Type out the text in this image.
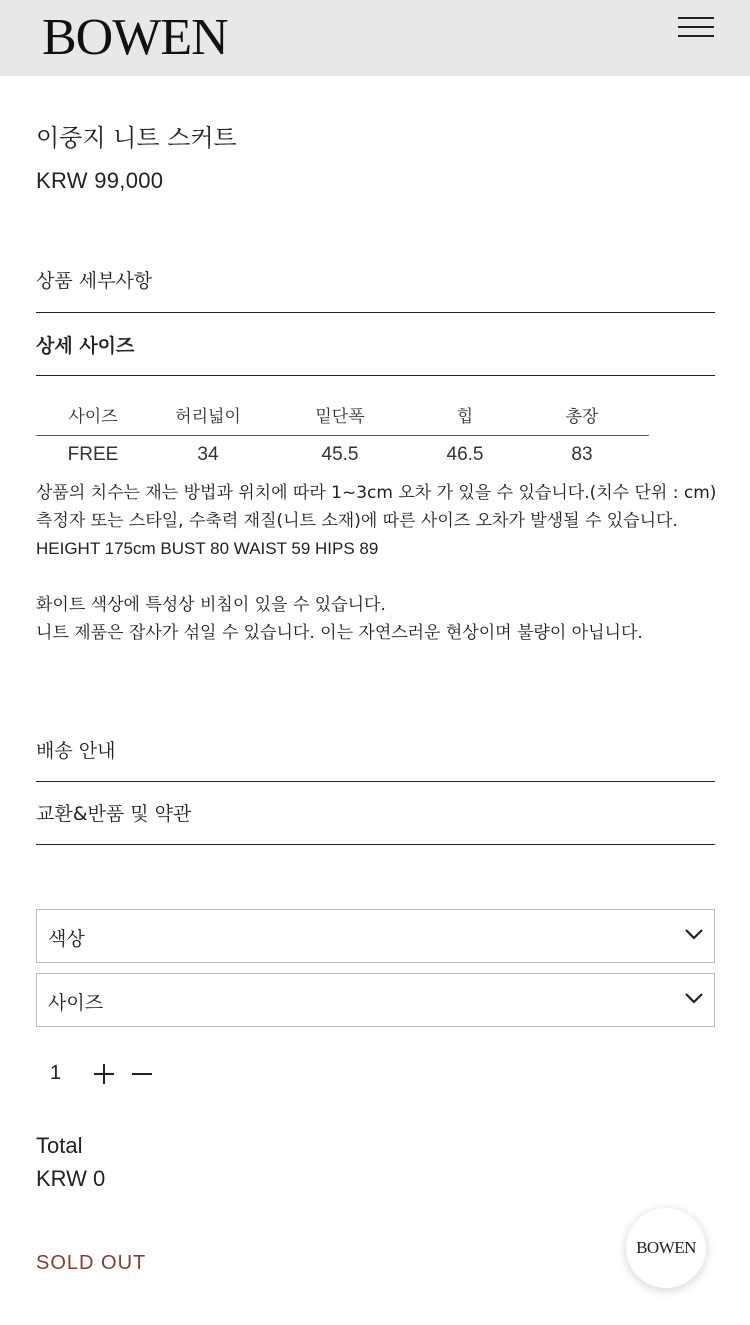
BOWEN
이중지 니트 스커트
KRW 99,000
상품 세부사항
상세 사이즈
사이즈	허리넓이	밑단폭	힙	총장
FREE	34	45.5	46.5	83

상품의 치수는 재는 방법과 위치에 따라 1~3cm 오차 가 있을 수 있습니다.(치수 단위 : cm)

측정자 또는 스타일, 수축력 재질(니트 소재)에 따른 사이즈 오차가 발생될 수 있습니다.

HEIGHT 175cm BUST 80 WAIST 59 HIPS 89

화이트 색상에 특성상 비침이 있을 수 있습니다.

니트 제품은 잡사가 섞일 수 있습니다. 이는 자연스러운 현상이며 불량이 아닙니다.

배송 안내
교환&반품 및 약관
색상
사이즈
1
Total
KRW 0
SOLD OUT
BOWEN
